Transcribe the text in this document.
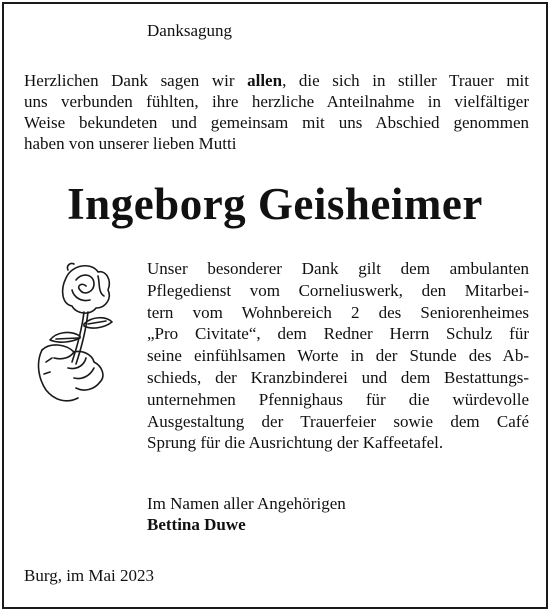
Danksagung
Herzlichen Dank sagen wir allen, die sich in stiller Trauer mit
uns verbunden fühlten, ihre herzliche Anteilnahme in vielfältiger
Weise bekundeten und gemeinsam mit uns Abschied genommen
haben von unserer lieben Mutti
Ingeborg Geisheimer
Unser besonderer Dank gilt dem ambulanten
Pflegedienst vom Corneliuswerk, den Mitarbei-
tern vom Wohnbereich 2 des Seniorenheimes
„Pro Civitate“, dem Redner Herrn Schulz für
seine einfühlsamen Worte in der Stunde des Ab-
schieds, der Kranzbinderei und dem Bestattungs-
unternehmen Pfennighaus für die würdevolle
Ausgestaltung der Trauerfeier sowie dem Café
Sprung für die Ausrichtung der Kaffeetafel.
Im Namen aller Angehörigen
Bettina Duwe
Burg, im Mai 2023
